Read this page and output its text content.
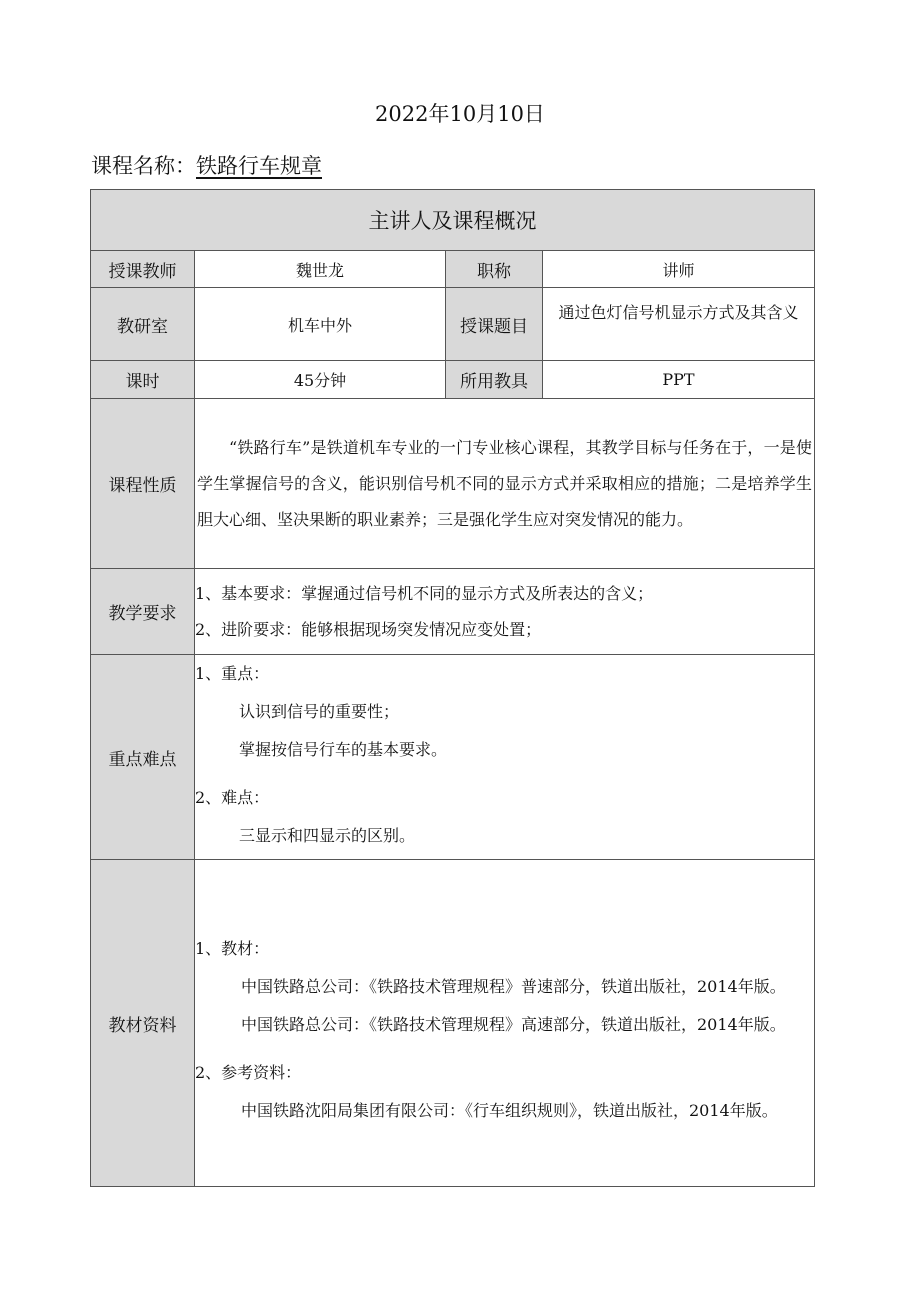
2022年10月10日
课程名称：铁路行车规章
主讲人及课程概况			
授课教师	魏世龙	职称	讲师
教研室	机车中外	授课题目	通过色灯信号机显示方式及其含义
课时	45分钟	所用教具	PPT
课程性质	“铁路行车”是铁道机车专业的一门专业核心课程，其教学目标与任务在于，一是使学生掌握信号的含义，能识别信号机不同的显示方式并采取相应的措施；二是培养学生胆大心细、坚决果断的职业素养；三是强化学生应对突发情况的能力。		
教学要求	1、基本要求：掌握通过信号机不同的显示方式及所表达的含义；

2、进阶要求：能够根据现场突发情况应变处置；		

重点难点	1、重点：
认识到信号的重要性；
掌握按信号行车的基本要求。
2、难点：
三显示和四显示的区别。		

教材资料	1、教材：
中国铁路总公司：《铁路技术管理规程》普速部分，铁道出版社，2014年版。
中国铁路总公司：《铁路技术管理规程》高速部分，铁道出版社，2014年版。
2、参考资料：
中国铁路沈阳局集团有限公司：《行车组织规则》，铁道出版社，2014年版。		
